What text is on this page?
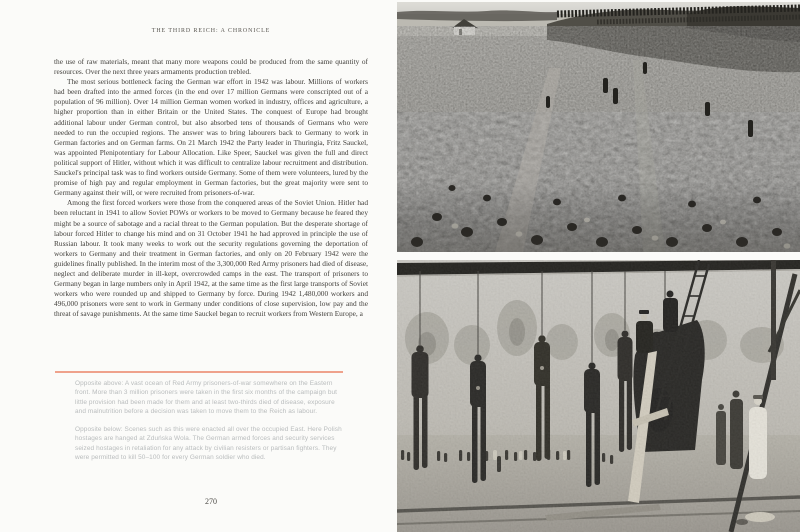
THE THIRD REICH: A CHRONICLE

the use of raw materials, meant that many more weapons could be produced from the same quantity of resources. Over the next three years armaments production trebled.

The most serious bottleneck facing the German war effort in 1942 was labour. Millions of workers had been drafted into the armed forces (in the end over 17 million Germans were conscripted out of a population of 96 million). Over 14 million German women worked in industry, offices and agriculture, a higher proportion than in either Britain or the United States. The conquest of Europe had brought additional labour under German control, but also absorbed tens of thousands of Germans who were needed to run the occupied regions. The answer was to bring labourers back to Germany to work in German factories and on German farms. On 21 March 1942 the Party leader in Thuringia, Fritz Sauckel, was appointed Plenipotentiary for Labour Allocation. Like Speer, Sauckel was given the full and direct political support of Hitler, without which it was difficult to centralize labour recruitment and distribution. Sauckel's principal task was to find workers outside Germany. Some of them were volunteers, lured by the promise of high pay and regular employment in German factories, but the great majority were sent to Germany against their will, or were recruited from prisoners-of-war.

Among the first forced workers were those from the conquered areas of the Soviet Union. Hitler had been reluctant in 1941 to allow Soviet POWs or workers to be moved to Germany because he feared they might be a source of sabotage and a racial threat to the German population. But the desperate shortage of labour forced Hitler to change his mind and on 31 October 1941 he had approved in principle the use of Russian labour. It took many weeks to work out the security regulations governing the deportation of workers to Germany and their treatment in German factories, and only on 20 February 1942 were the guidelines finally published. In the interim most of the 3,300,000 Red Army prisoners had died of disease, neglect and deliberate murder in ill-kept, overcrowded camps in the east. The transport of prisoners to Germany began in large numbers only in April 1942, at the same time as the first large transports of Soviet workers who were rounded up and shipped to Germany by force. During 1942 1,480,000 workers and 496,000 prisoners were sent to work in Germany under conditions of close supervision, low pay and the threat of savage punishments. At the same time Sauckel began to recruit workers from Western Europe, a

Opposite above: A vast ocean of Red Army prisoners-of-war somewhere on the Eastern front. More than 3 million prisoners were taken in the first six months of the campaign but little provision had been made for them and at least two-thirds died of disease, exposure and malnutrition before a decision was taken to move them to the Reich as labour.

Opposite below: Scenes such as this were enacted all over the occupied East. Here Polish hostages are hanged at Zduńska Wola. The German armed forces and security services seized hostages in retaliation for any attack by civilian resisters or partisan fighters. They were permitted to kill 50–100 for every German soldier who died.

270
